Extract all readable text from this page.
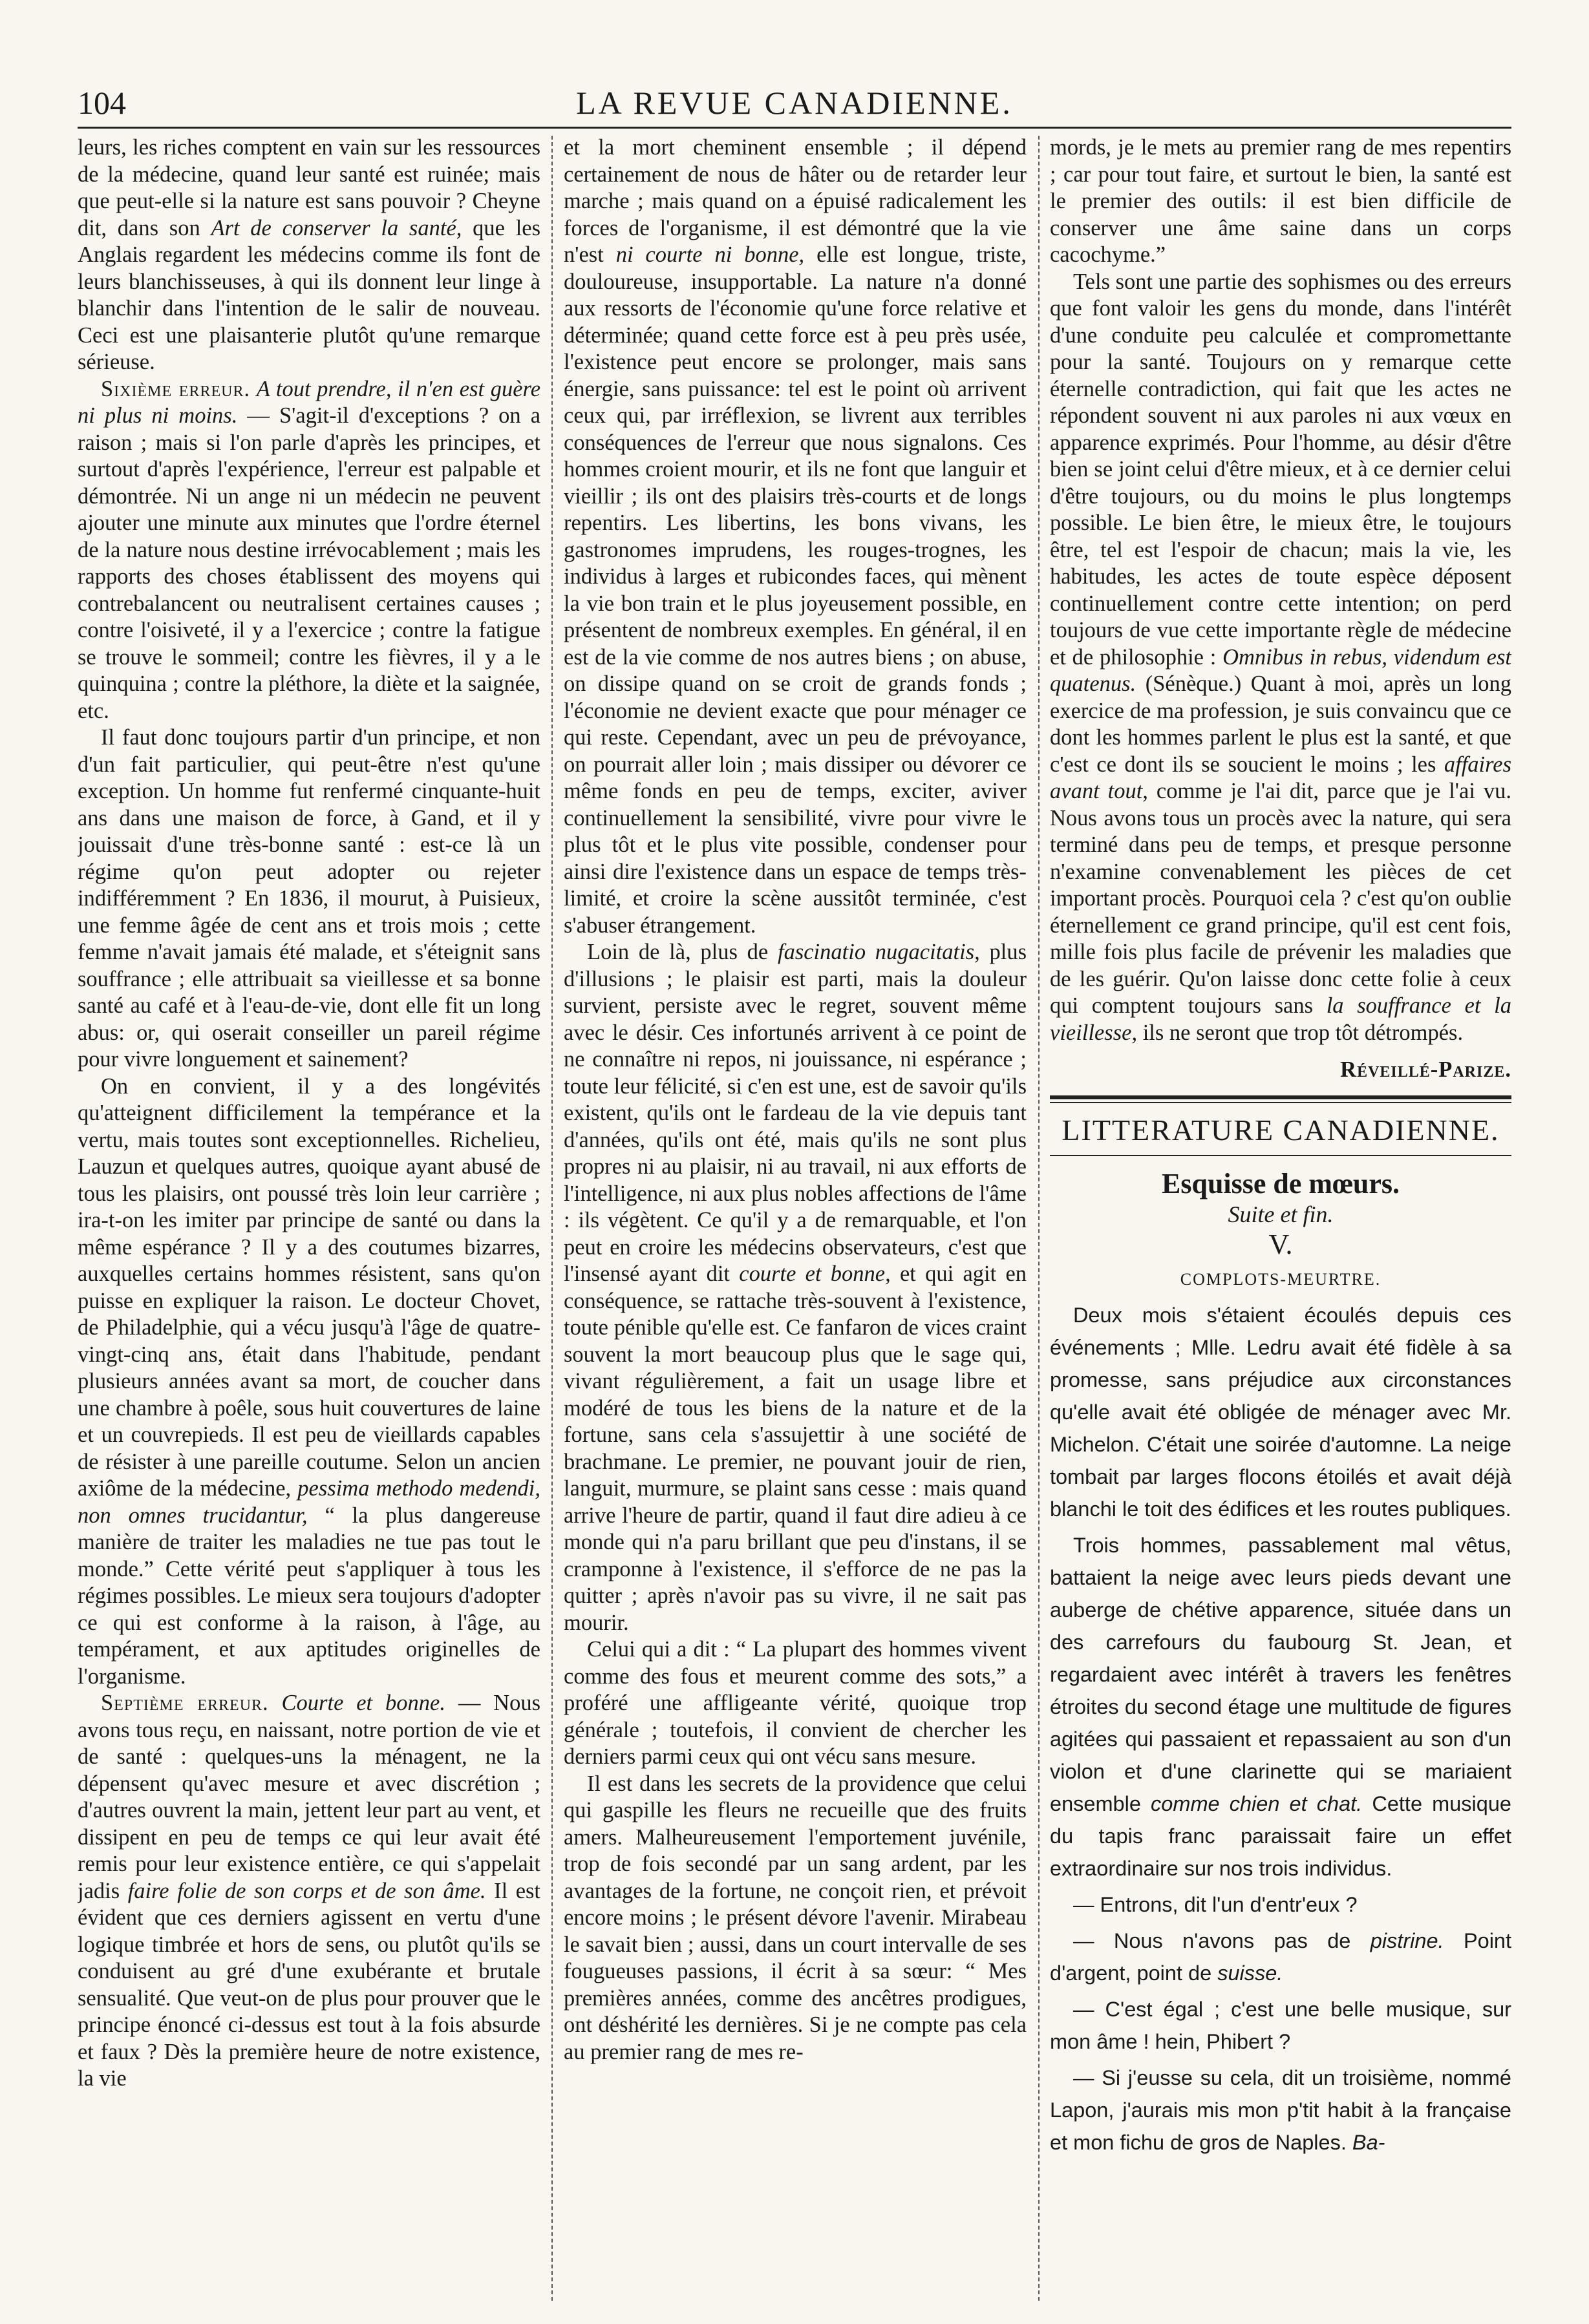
104	LA REVUE CANADIENNE.

leurs, les riches comptent en vain sur les ressources de la médecine, quand leur santé est ruinée; mais que peut-elle si la nature est sans pouvoir ? Cheyne dit, dans son Art de conserver la santé, que les Anglais regardent les médecins comme ils font de leurs blanchisseuses, à qui ils donnent leur linge à blanchir dans l'intention de le salir de nouveau. Ceci est une plaisanterie plutôt qu'une remarque sérieuse.

Sixième erreur. A tout prendre, il n'en est guère ni plus ni moins. — S'agit-il d'exceptions ? on a raison ; mais si l'on parle d'après les principes, et surtout d'après l'expérience, l'erreur est palpable et démontrée. Ni un ange ni un médecin ne peuvent ajouter une minute aux minutes que l'ordre éternel de la nature nous destine irrévocablement ; mais les rapports des choses établissent des moyens qui contrebalancent ou neutralisent certaines causes ; contre l'oisiveté, il y a l'exercice ; contre la fatigue se trouve le sommeil; contre les fièvres, il y a le quinquina ; contre la pléthore, la diète et la saignée, etc.

Il faut donc toujours partir d'un principe, et non d'un fait particulier, qui peut-être n'est qu'une exception. Un homme fut renfermé cinquante-huit ans dans une maison de force, à Gand, et il y jouissait d'une très-bonne santé : est-ce là un régime qu'on peut adopter ou rejeter indifféremment ? En 1836, il mourut, à Puisieux, une femme âgée de cent ans et trois mois ; cette femme n'avait jamais été malade, et s'éteignit sans souffrance ; elle attribuait sa vieillesse et sa bonne santé au café et à l'eau-de-vie, dont elle fit un long abus: or, qui oserait conseiller un pareil régime pour vivre longuement et sainement?

On en convient, il y a des longévités qu'atteignent difficilement la tempérance et la vertu, mais toutes sont exceptionnelles. Richelieu, Lauzun et quelques autres, quoique ayant abusé de tous les plaisirs, ont poussé très loin leur carrière ; ira-t-on les imiter par principe de santé ou dans la même espérance ? Il y a des coutumes bizarres, auxquelles certains hommes résistent, sans qu'on puisse en expliquer la raison. Le docteur Chovet, de Philadelphie, qui a vécu jusqu'à l'âge de quatre-vingt-cinq ans, était dans l'habitude, pendant plusieurs années avant sa mort, de coucher dans une chambre à poêle, sous huit couvertures de laine et un couvrepieds. Il est peu de vieillards capables de résister à une pareille coutume. Selon un ancien axiôme de la médecine, pessima methodo medendi, non omnes trucidantur, “ la plus dangereuse manière de traiter les maladies ne tue pas tout le monde.” Cette vérité peut s'appliquer à tous les régimes possibles. Le mieux sera toujours d'adopter ce qui est conforme à la raison, à l'âge, au tempérament, et aux aptitudes originelles de l'organisme.

Septième erreur. Courte et bonne. — Nous avons tous reçu, en naissant, notre portion de vie et de santé : quelques-uns la ménagent, ne la dépensent qu'avec mesure et avec discrétion ; d'autres ouvrent la main, jettent leur part au vent, et dissipent en peu de temps ce qui leur avait été remis pour leur existence entière, ce qui s'appelait jadis faire folie de son corps et de son âme. Il est évident que ces derniers agissent en vertu d'une logique timbrée et hors de sens, ou plutôt qu'ils se conduisent au gré d'une exubérante et brutale sensualité. Que veut-on de plus pour prouver que le principe énoncé ci-dessus est tout à la fois absurde et faux ? Dès la première heure de notre existence, la vie

et la mort cheminent ensemble ; il dépend certainement de nous de hâter ou de retarder leur marche ; mais quand on a épuisé radicalement les forces de l'organisme, il est démontré que la vie n'est ni courte ni bonne, elle est longue, triste, douloureuse, insupportable. La nature n'a donné aux ressorts de l'économie qu'une force relative et déterminée; quand cette force est à peu près usée, l'existence peut encore se prolonger, mais sans énergie, sans puissance: tel est le point où arrivent ceux qui, par irréflexion, se livrent aux terribles conséquences de l'erreur que nous signalons. Ces hommes croient mourir, et ils ne font que languir et vieillir ; ils ont des plaisirs très-courts et de longs repentirs. Les libertins, les bons vivans, les gastronomes imprudens, les rouges-trognes, les individus à larges et rubicondes faces, qui mènent la vie bon train et le plus joyeusement possible, en présentent de nombreux exemples. En général, il en est de la vie comme de nos autres biens ; on abuse, on dissipe quand on se croit de grands fonds ; l'économie ne devient exacte que pour ménager ce qui reste. Cependant, avec un peu de prévoyance, on pourrait aller loin ; mais dissiper ou dévorer ce même fonds en peu de temps, exciter, aviver continuellement la sensibilité, vivre pour vivre le plus tôt et le plus vite possible, condenser pour ainsi dire l'existence dans un espace de temps très-limité, et croire la scène aussitôt terminée, c'est s'abuser étrangement.

Loin de là, plus de fascinatio nugacitatis, plus d'illusions ; le plaisir est parti, mais la douleur survient, persiste avec le regret, souvent même avec le désir. Ces infortunés arrivent à ce point de ne connaître ni repos, ni jouissance, ni espérance ; toute leur félicité, si c'en est une, est de savoir qu'ils existent, qu'ils ont le fardeau de la vie depuis tant d'années, qu'ils ont été, mais qu'ils ne sont plus propres ni au plaisir, ni au travail, ni aux efforts de l'intelligence, ni aux plus nobles affections de l'âme : ils végètent. Ce qu'il y a de remarquable, et l'on peut en croire les médecins observateurs, c'est que l'insensé ayant dit courte et bonne, et qui agit en conséquence, se rattache très-souvent à l'existence, toute pénible qu'elle est. Ce fanfaron de vices craint souvent la mort beaucoup plus que le sage qui, vivant régulièrement, a fait un usage libre et modéré de tous les biens de la nature et de la fortune, sans cela s'assujettir à une société de brachmane. Le premier, ne pouvant jouir de rien, languit, murmure, se plaint sans cesse : mais quand arrive l'heure de partir, quand il faut dire adieu à ce monde qui n'a paru brillant que peu d'instans, il se cramponne à l'existence, il s'efforce de ne pas la quitter ; après n'avoir pas su vivre, il ne sait pas mourir.

Celui qui a dit : “ La plupart des hommes vivent comme des fous et meurent comme des sots,” a proféré une affligeante vérité, quoique trop générale ; toutefois, il convient de chercher les derniers parmi ceux qui ont vécu sans mesure.

Il est dans les secrets de la providence que celui qui gaspille les fleurs ne recueille que des fruits amers. Malheureusement l'emportement juvénile, trop de fois secondé par un sang ardent, par les avantages de la fortune, ne conçoit rien, et prévoit encore moins ; le présent dévore l'avenir. Mirabeau le savait bien ; aussi, dans un court intervalle de ses fougueuses passions, il écrit à sa sœur: “ Mes premières années, comme des ancêtres prodigues, ont déshérité les dernières. Si je ne compte pas cela au premier rang de mes re-

mords, je le mets au premier rang de mes repentirs ; car pour tout faire, et surtout le bien, la santé est le premier des outils: il est bien difficile de conserver une âme saine dans un corps cacochyme.”

Tels sont une partie des sophismes ou des erreurs que font valoir les gens du monde, dans l'intérêt d'une conduite peu calculée et compromettante pour la santé. Toujours on y remarque cette éternelle contradiction, qui fait que les actes ne répondent souvent ni aux paroles ni aux vœux en apparence exprimés. Pour l'homme, au désir d'être bien se joint celui d'être mieux, et à ce dernier celui d'être toujours, ou du moins le plus longtemps possible. Le bien être, le mieux être, le toujours être, tel est l'espoir de chacun; mais la vie, les habitudes, les actes de toute espèce déposent continuellement contre cette intention; on perd toujours de vue cette importante règle de médecine et de philosophie : Omnibus in rebus, videndum est quatenus. (Sénèque.) Quant à moi, après un long exercice de ma profession, je suis convaincu que ce dont les hommes parlent le plus est la santé, et que c'est ce dont ils se soucient le moins ; les affaires avant tout, comme je l'ai dit, parce que je l'ai vu. Nous avons tous un procès avec la nature, qui sera terminé dans peu de temps, et presque personne n'examine convenablement les pièces de cet important procès. Pourquoi cela ? c'est qu'on oublie éternellement ce grand principe, qu'il est cent fois, mille fois plus facile de prévenir les maladies que de les guérir. Qu'on laisse donc cette folie à ceux qui comptent toujours sans la souffrance et la vieillesse, ils ne seront que trop tôt détrompés.

Réveillé-Parize.
LITTERATURE CANADIENNE.
Esquisse de mœurs.
Suite et fin.
V.
COMPLOTS-MEURTRE.

Deux mois s'étaient écoulés depuis ces événements ; Mlle. Ledru avait été fidèle à sa promesse, sans préjudice aux circonstances qu'elle avait été obligée de ménager avec Mr. Michelon. C'était une soirée d'automne. La neige tombait par larges flocons étoilés et avait déjà blanchi le toit des édifices et les routes publiques.

Trois hommes, passablement mal vêtus, battaient la neige avec leurs pieds devant une auberge de chétive apparence, située dans un des carrefours du faubourg St. Jean, et regardaient avec intérêt à travers les fenêtres étroites du second étage une multitude de figures agitées qui passaient et repassaient au son d'un violon et d'une clarinette qui se mariaient ensemble comme chien et chat. Cette musique du tapis franc paraissait faire un effet extraordinaire sur nos trois individus.

— Entrons, dit l'un d'entr'eux ?

— Nous n'avons pas de pistrine. Point d'argent, point de suisse.

— C'est égal ; c'est une belle musique, sur mon âme ! hein, Phibert ?

— Si j'eusse su cela, dit un troisième, nommé Lapon, j'aurais mis mon p'tit habit à la française et mon fichu de gros de Naples. Ba-
